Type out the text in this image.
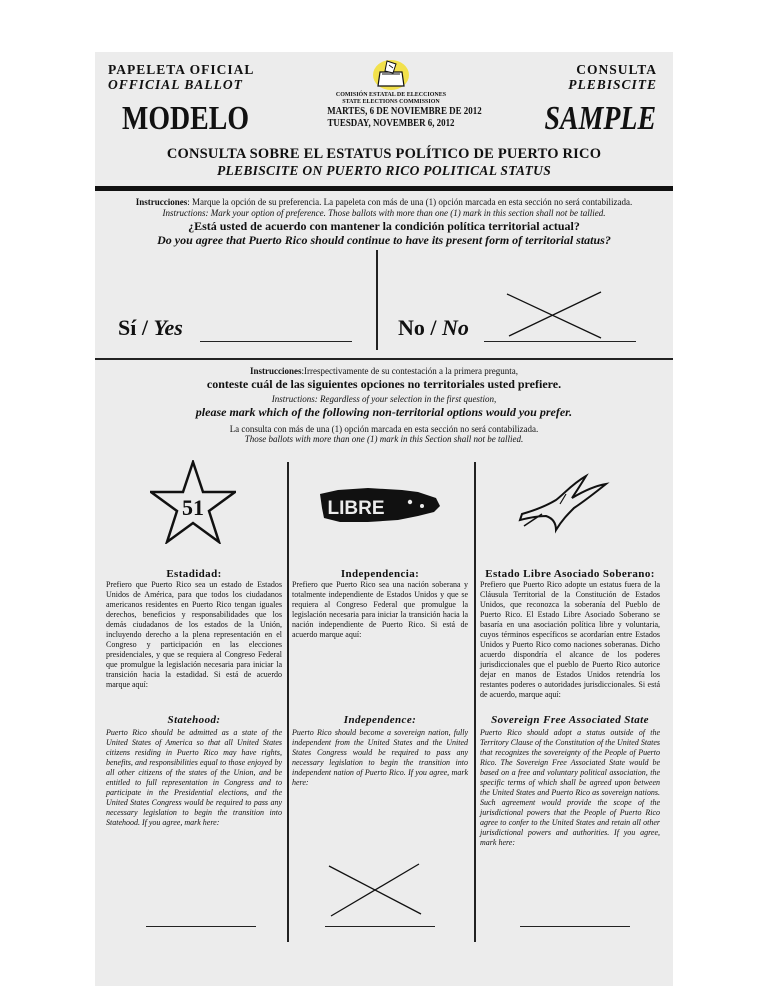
PAPELETA OFICIAL
OFFICIAL BALLOT
CONSULTA
PLEBISCITE
MODELO	SAMPLE
COMISIÓN ESTATAL DE ELECCIONES
STATE ELECTIONS COMMISSION
MARTES, 6 DE NOVIEMBRE DE 2012
TUESDAY, NOVEMBER 6, 2012
CONSULTA SOBRE EL ESTATUS POLÍTICO DE PUERTO RICO
PLEBISCITE ON PUERTO RICO POLITICAL STATUS
Instrucciones: Marque la opción de su preferencia. La papeleta con más de una (1) opción marcada en esta sección no será contabilizada.
Instructions: Mark your option of preference. Those ballots with more than one (1) mark in this section shall not be tallied.
¿Está usted de acuerdo con mantener la condición política territorial actual?
Do you agree that Puerto Rico should continue to have its present form of territorial status?
Sí / Yes	No / No
Instrucciones:Irrespectivamente de su contestación a la primera pregunta,
conteste cuál de las siguientes opciones no territoriales usted prefiere.
Instructions: Regardless of your selection in the first question,
please mark which of the following non-territorial options would you prefer.
La consulta con más de una (1) opción marcada en esta sección no será contabilizada.
Those ballots with more than one (1) mark in this Section shall not be tallied.
51	LIBRE
Estadidad:
Prefiero que Puerto Rico sea un estado de Estados Unidos de América, para que todos los ciudadanos americanos residentes en Puerto Rico tengan iguales derechos, beneficios y responsabilidades que los demás ciudadanos de los estados de la Unión, incluyendo derecho a la plena representación en el Congreso y participación en las elecciones presidenciales, y que se requiera al Congreso Federal que promulgue la legislación necesaria para iniciar la transición hacia la estadidad. Si está de acuerdo marque aquí:
Statehood:
Puerto Rico should be admitted as a state of the United States of America so that all United States citizens residing in Puerto Rico may have rights, benefits, and responsibilities equal to those enjoyed by all other citizens of the states of the Union, and be entitled to full representation in Congress and to participate in the Presidential elections, and the United States Congress would be required to pass any necessary legislation to begin the transition into Statehood. If you agree, mark here:
Independencia:
Prefiero que Puerto Rico sea una nación soberana y totalmente independiente de Estados Unidos y que se requiera al Congreso Federal que promulgue la legislación necesaria para iniciar la transición hacia la nación independiente de Puerto Rico. Si está de acuerdo marque aquí:
Independence:
Puerto Rico should become a sovereign nation, fully independent from the United States and the United States Congress would be required to pass any necessary legislation to begin the transition into independent nation of Puerto Rico. If you agree, mark here:
Estado Libre Asociado Soberano:
Prefiero que Puerto Rico adopte un estatus fuera de la Cláusula Territorial de la Constitución de Estados Unidos, que reconozca la soberanía del Pueblo de Puerto Rico. El Estado Libre Asociado Soberano se basaría en una asociación política libre y voluntaria, cuyos términos específicos se acordarían entre Estados Unidos y Puerto Rico como naciones soberanas. Dicho acuerdo dispondría el alcance de los poderes jurisdiccionales que el pueblo de Puerto Rico autorice dejar en manos de Estados Unidos retendría los restantes poderes o autoridades jurisdiccionales. Si está de acuerdo, marque aquí:
Sovereign Free Associated State
Puerto Rico should adopt a status outside of the Territory Clause of the Constitution of the United States that recognizes the sovereignty of the People of Puerto Rico. The Sovereign Free Associated State would be based on a free and voluntary political association, the specific terms of which shall be agreed upon between the United States and Puerto Rico as sovereign nations. Such agreement would provide the scope of the jurisdictional powers that the People of Puerto Rico agree to confer to the United States and retain all other jurisdictional powers and authorities. If you agree, mark here:
